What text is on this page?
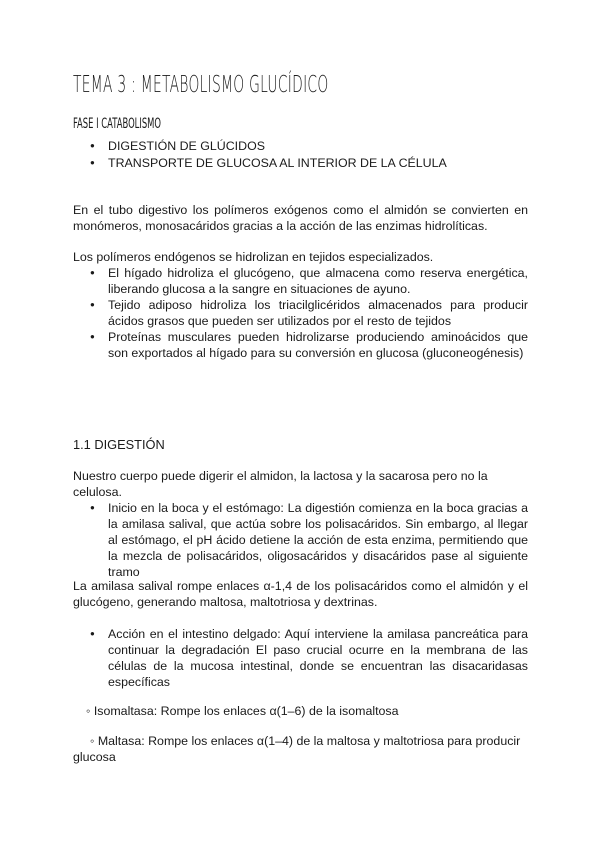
TEMA 3 : METABOLISMO GLUCÍDICO
FASE I CATABOLISMO
● DIGESTIÓN DE GLÚCIDOS
● TRANSPORTE DE GLUCOSA AL INTERIOR DE LA CÉLULA
En el tubo digestivo los polímeros exógenos como el almidón se convierten en monómeros, monosacáridos gracias a la acción de las enzimas hidrolíticas.
Los polímeros endógenos se hidrolizan en tejidos especializados.
● El hígado hidroliza el glucógeno, que almacena como reserva energética, liberando glucosa a la sangre en situaciones de ayuno.
● Tejido adiposo hidroliza los triacilglicéridos almacenados para producir ácidos grasos que pueden ser utilizados por el resto de tejidos
● Proteínas musculares pueden hidrolizarse produciendo aminoácidos que son exportados al hígado para su conversión en glucosa (gluconeogénesis)
1.1 DIGESTIÓN
Nuestro cuerpo puede digerir el almidon, la lactosa y la sacarosa pero no la celulosa.
● Inicio en la boca y el estómago: La digestión comienza en la boca gracias a la amilasa salival, que actúa sobre los polisacáridos. Sin embargo, al llegar al estómago, el pH ácido detiene la acción de esta enzima, permitiendo que la mezcla de polisacáridos, oligosacáridos y disacáridos pase al siguiente tramo
La amilasa salival rompe enlaces α-1,4 de los polisacáridos como el almidón y el glucógeno, generando maltosa, maltotriosa y dextrinas.
● Acción en el intestino delgado: Aquí interviene la amilasa pancreática para continuar la degradación El paso crucial ocurre en la membrana de las células de la mucosa intestinal, donde se encuentran las disacaridasas específicas
◦ Isomaltasa: Rompe los enlaces α(1–6) de la isomaltosa
◦ Maltasa: Rompe los enlaces α(1–4) de la maltosa y maltotriosa para producir glucosa
